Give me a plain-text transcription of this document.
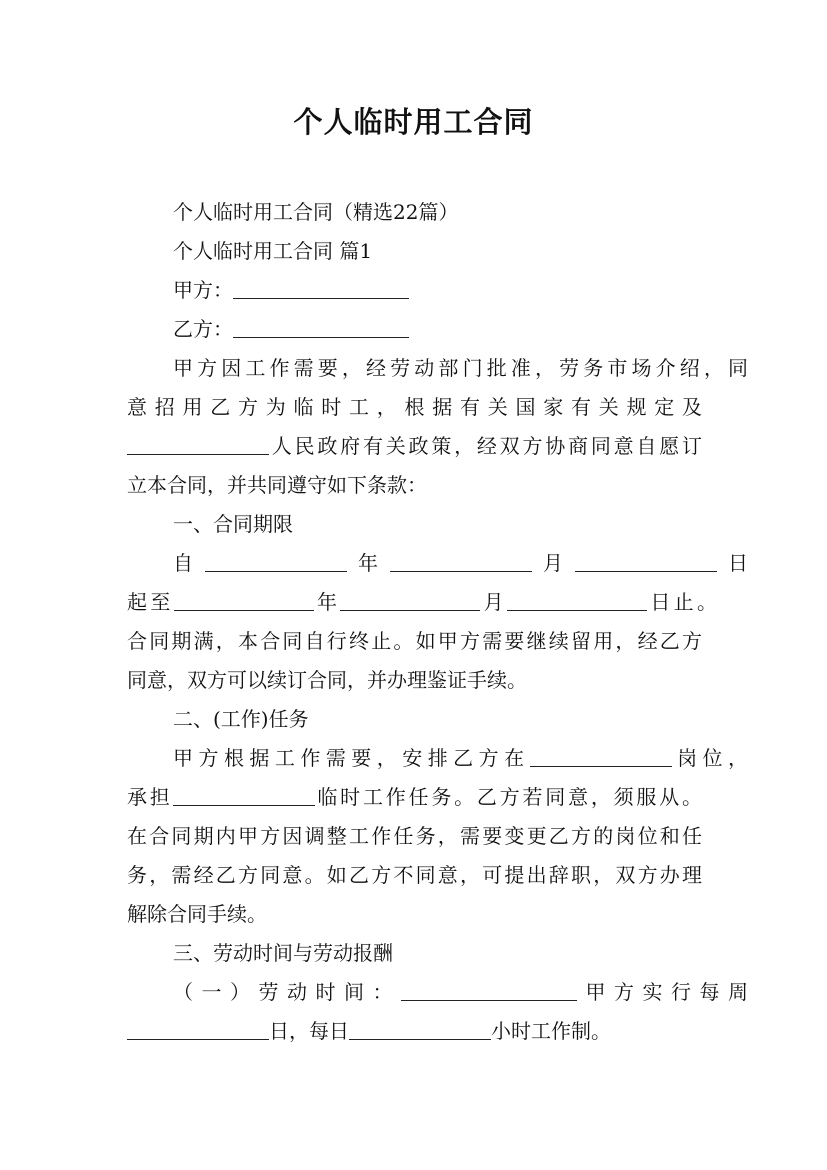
个人临时用工合同
个人临时用工合同（精选22篇）
个人临时用工合同 篇1
甲方：
乙方：
甲方因工作需要，经劳动部门批准，劳务市场介绍，同
意招用乙方为临时工，根据有关国家有关规定及
人民政府有关政策，经双方协商同意自愿订
立本合同，并共同遵守如下条款：
一、合同期限
自	年	月	日
起至	年	月	日止。
合同期满，本合同自行终止。如甲方需要继续留用，经乙方
同意，双方可以续订合同，并办理鉴证手续。
二、(工作)任务
甲方根据工作需要，安排乙方在	岗位，
承担	临时工作任务。乙方若同意，须服从。
在合同期内甲方因调整工作任务，需要变更乙方的岗位和任
务，需经乙方同意。如乙方不同意，可提出辞职，双方办理
解除合同手续。
三、劳动时间与劳动报酬
（一）劳动时间：	甲方实行每周
日，每日	小时工作制。
